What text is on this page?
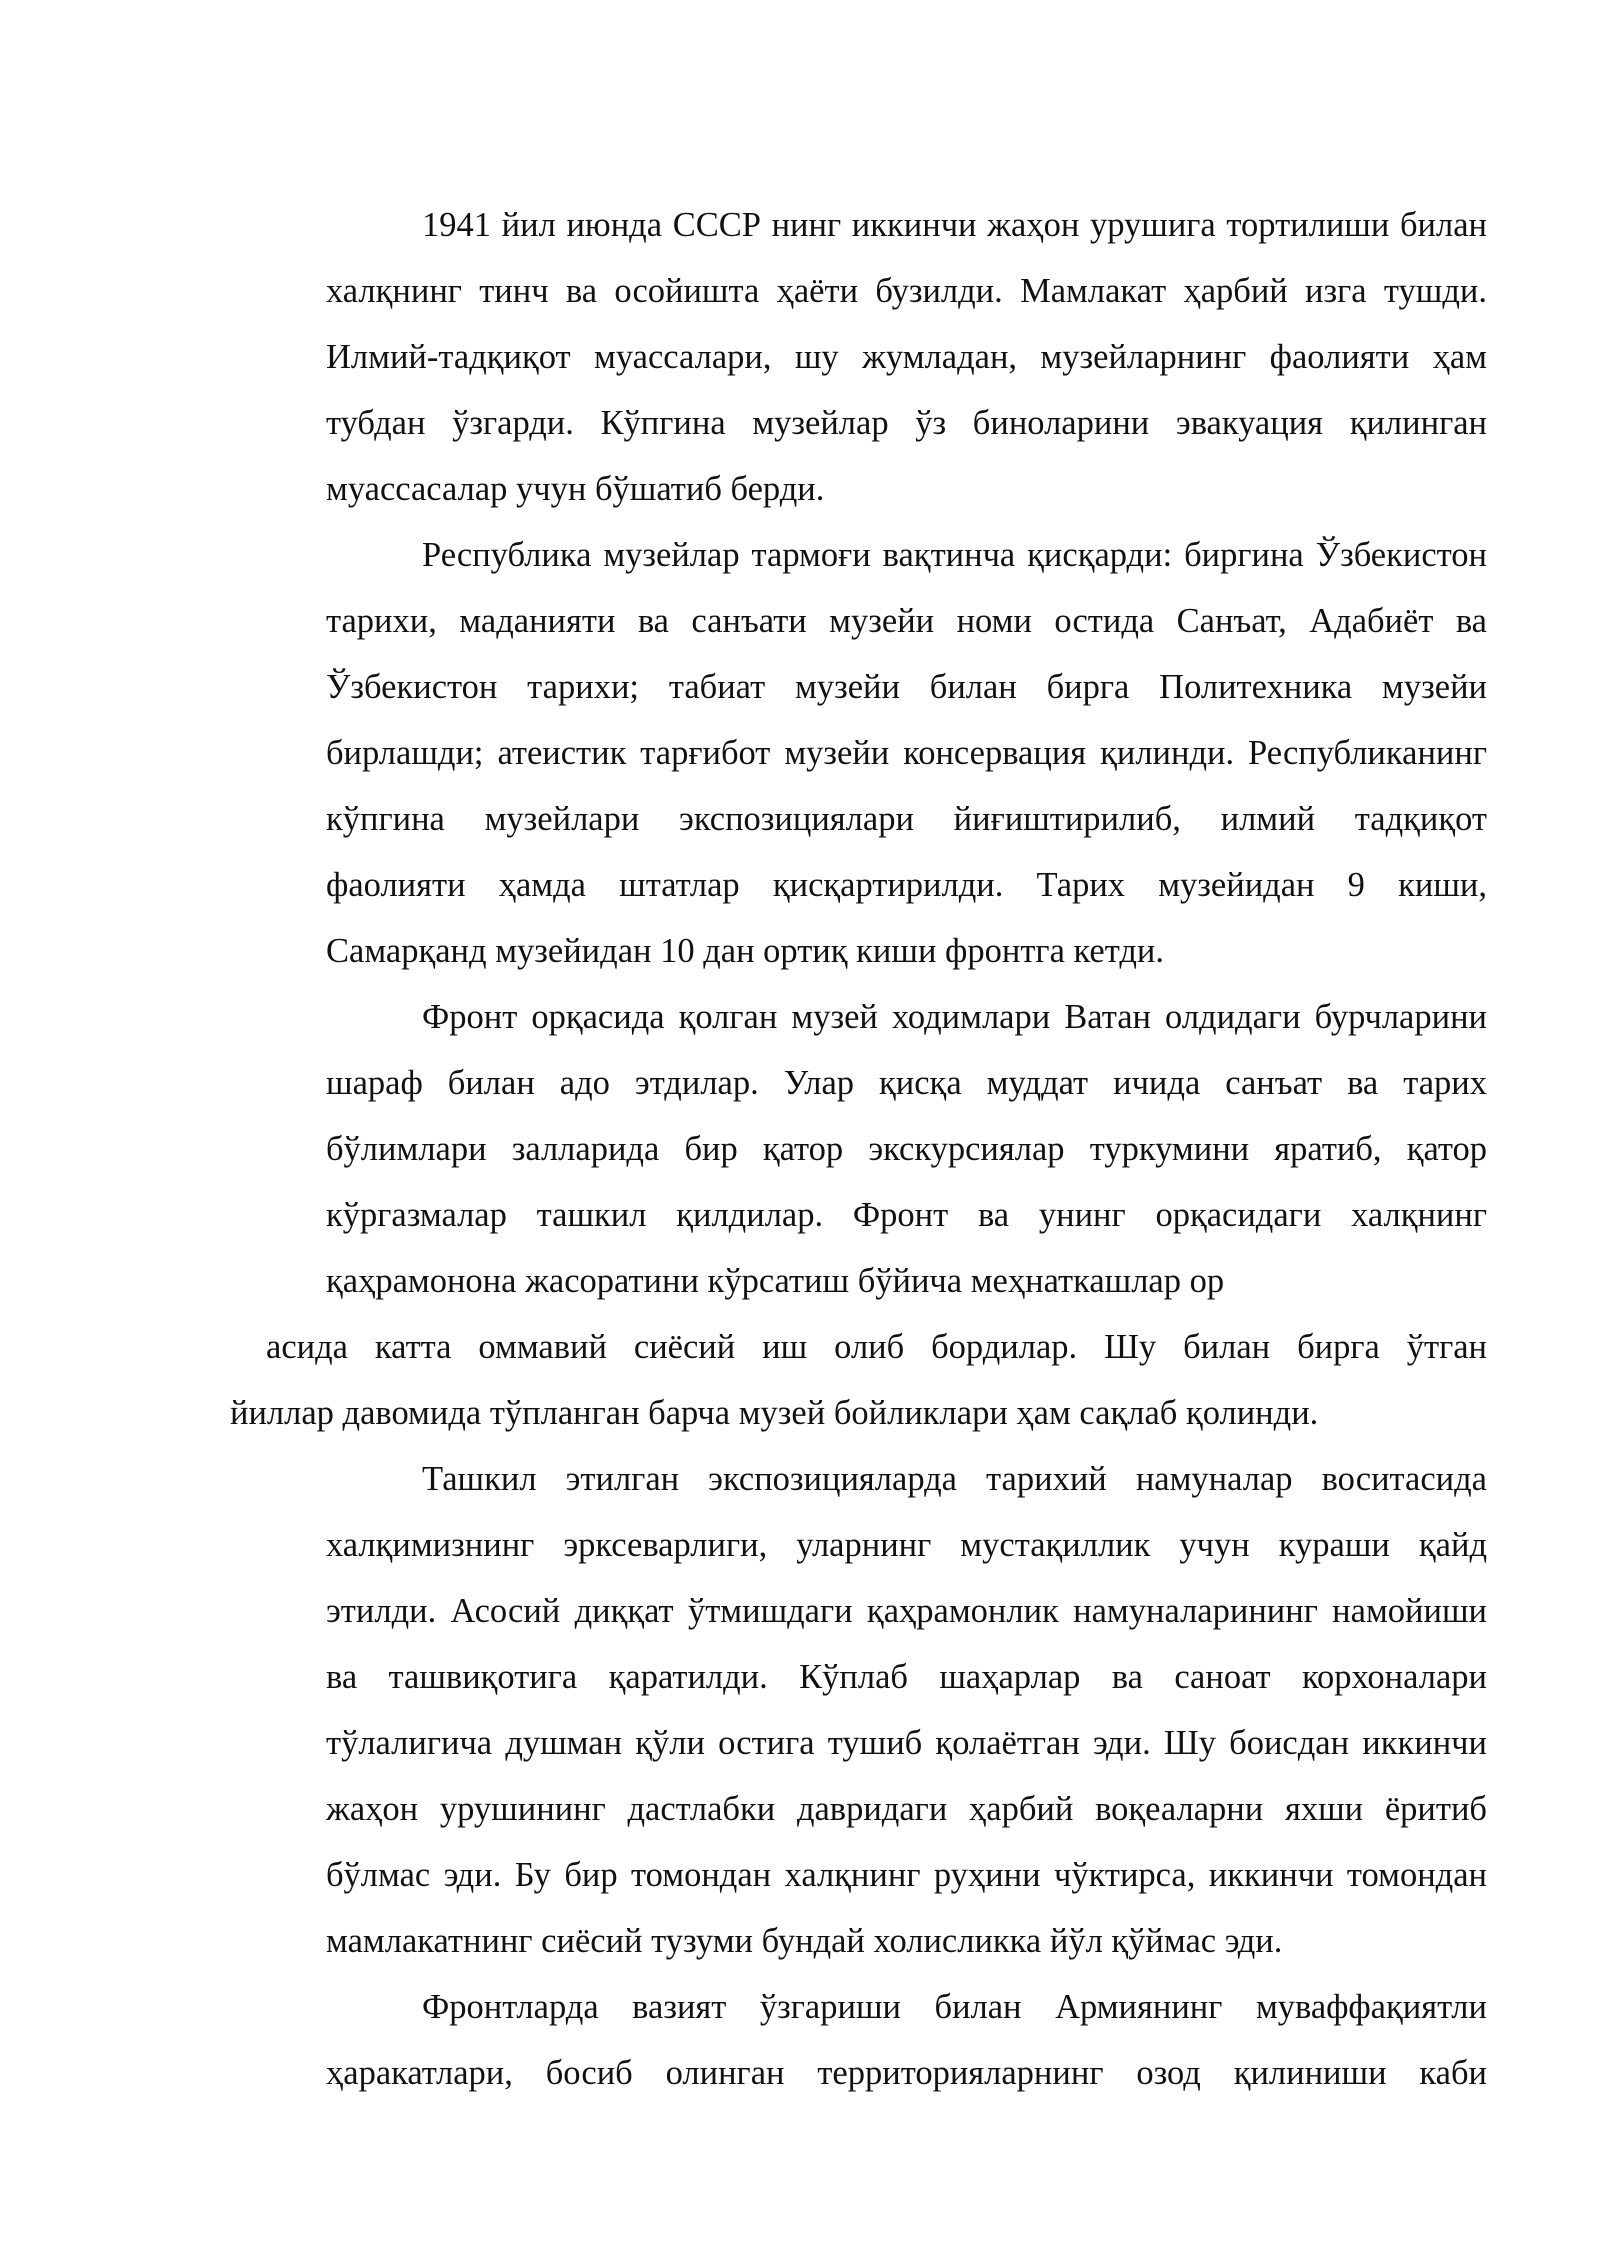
1941 йил июнда СССР нинг иккинчи жаҳон урушига тортилиши билан
халқнинг тинч ва осойишта ҳаёти бузилди. Мамлакат ҳарбий изга тушди.
Илмий-тадқиқот муассалари, шу жумладан, музейларнинг фаолияти ҳам
тубдан ўзгарди. Кўпгина музейлар ўз биноларини эвакуация қилинган
муассасалар учун бўшатиб берди.
Республика музейлар тармоғи вақтинча қисқарди: биргина Ўзбекистон
тарихи, маданияти ва санъати музейи номи остида Санъат, Адабиёт ва
Ўзбекистон тарихи; табиат музейи билан бирга Политехника музейи
бирлашди; атеистик тарғибот музейи консервация қилинди. Республиканинг
кўпгина музейлари экспозициялари йиғиштирилиб, илмий тадқиқот
фаолияти ҳамда штатлар қисқартирилди. Тарих музейидан 9 киши,
Самарқанд музейидан 10 дан ортиқ киши фронтга кетди.
Фронт орқасида қолган музей ходимлари Ватан олдидаги бурчларини
шараф билан адо этдилар. Улар қисқа муддат ичида санъат ва тарих
бўлимлари залларида бир қатор экскурсиялар туркумини яратиб, қатор
кўргазмалар ташкил қилдилар. Фронт ва унинг орқасидаги халқнинг
қаҳрамонона жасоратини кўрсатиш бўйича меҳнаткашлар ор
асида катта оммавий сиёсий иш олиб бордилар. Шу билан бирга ўтган
йиллар давомида тўпланган барча музей бойликлари ҳам сақлаб қолинди.
Ташкил этилган экспозицияларда тарихий намуналар воситасида
халқимизнинг эрксеварлиги, уларнинг мустақиллик учун кураши қайд
этилди. Асосий диққат ўтмишдаги қаҳрамонлик намуналарининг намойиши
ва ташвиқотига қаратилди. Кўплаб шаҳарлар ва саноат корхоналари
тўлалигича душман қўли остига тушиб қолаётган эди. Шу боисдан иккинчи
жаҳон урушининг дастлабки давридаги ҳарбий воқеаларни яхши ёритиб
бўлмас эди. Бу бир томондан халқнинг руҳини чўктирса, иккинчи томондан
мамлакатнинг сиёсий тузуми бундай холисликка йўл қўймас эди.
Фронтларда вазият ўзгариши билан Армиянинг муваффақиятли
ҳаракатлари, босиб олинган территорияларнинг озод қилиниши каби
